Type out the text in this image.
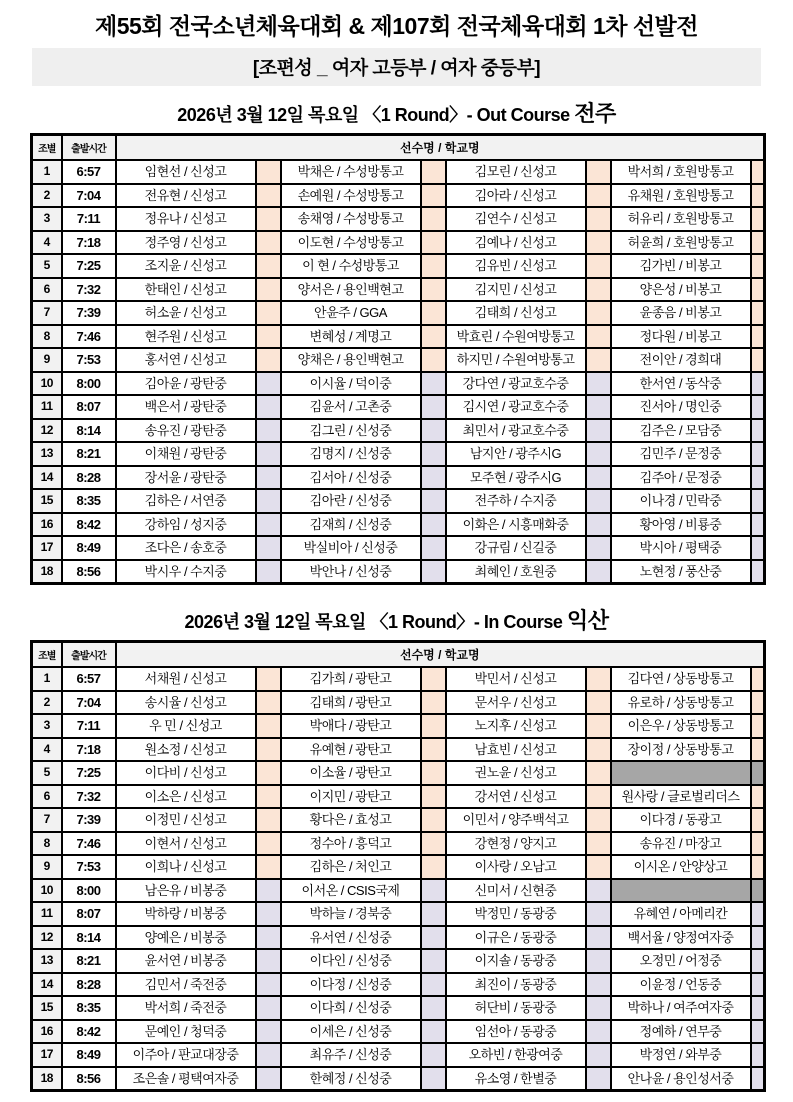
제55회 전국소년체육대회 & 제107회 전국체육대회 1차 선발전
[조편성 _ 여자 고등부 / 여자 중등부]
2026년 3월 12일 목요일 〈1 Round〉- Out Course 전주
조별	출발시간	선수명 / 학교명							
1	6:57	임현선 / 신성고		박채은 / 수성방통고		김모린 / 신성고		박서희 / 호원방통고	
2	7:04	전유현 / 신성고		손예원 / 수성방통고		김아라 / 신성고		유채원 / 호원방통고	
3	7:11	정유나 / 신성고		송채영 / 수성방통고		김연수 / 신성고		허유리 / 호원방통고	
4	7:18	정주영 / 신성고		이도현 / 수성방통고		김예나 / 신성고		허윤희 / 호원방통고	
5	7:25	조지윤 / 신성고		이 현 / 수성방통고		김유빈 / 신성고		김가빈 / 비봉고	
6	7:32	한태인 / 신성고		양서은 / 용인백현고		김지민 / 신성고		양은성 / 비봉고	
7	7:39	허소윤 / 신성고		안윤주 / GGA		김태희 / 신성고		윤종음 / 비봉고	
8	7:46	현주원 / 신성고		변혜성 / 계명고		박효린 / 수원여방통고		정다원 / 비봉고	
9	7:53	홍서연 / 신성고		양채은 / 용인백현고		하지민 / 수원여방통고		전이안 / 경희대	
10	8:00	김아윤 / 광탄중		이시율 / 덕이중		강다연 / 광교호수중		한서연 / 동삭중	
11	8:07	백은서 / 광탄중		김윤서 / 고촌중		김시연 / 광교호수중		진서아 / 명인중	
12	8:14	송유진 / 광탄중		김그린 / 신성중		최민서 / 광교호수중		김주은 / 모담중	
13	8:21	이채원 / 광탄중		김명지 / 신성중		남지안 / 광주시G		김민주 / 문정중	
14	8:28	장서윤 / 광탄중		김서아 / 신성중		모주현 / 광주시G		김주아 / 문정중	
15	8:35	김하은 / 서연중		김아란 / 신성중		전주하 / 수지중		이나경 / 민락중	
16	8:42	강하임 / 성지중		김재희 / 신성중		이화은 / 시흥매화중		황아영 / 비룡중	
17	8:49	조다은 / 송호중		박실비아 / 신성중		강규림 / 신길중		박시아 / 평택중	
18	8:56	박시우 / 수지중		박안나 / 신성중		최혜인 / 호원중		노현정 / 풍산중	
2026년 3월 12일 목요일 〈1 Round〉- In Course 익산
조별	출발시간	선수명 / 학교명							
1	6:57	서채원 / 신성고		김가희 / 광탄고		박민서 / 신성고		김다연 / 상동방통고	
2	7:04	송시율 / 신성고		김태희 / 광탄고		문서우 / 신성고		유로하 / 상동방통고	
3	7:11	우 민 / 신성고		박애다 / 광탄고		노지후 / 신성고		이은우 / 상동방통고	
4	7:18	원소정 / 신성고		유예현 / 광탄고		남효빈 / 신성고		장이정 / 상동방통고	
5	7:25	이다비 / 신성고		이소율 / 광탄고		권노윤 / 신성고			
6	7:32	이소은 / 신성고		이지민 / 광탄고		강서연 / 신성고		원사랑 / 글로벌리더스	
7	7:39	이정민 / 신성고		황다은 / 효성고		이민서 / 양주백석고		이다경 / 동광고	
8	7:46	이현서 / 신성고		정수아 / 흥덕고		강현정 / 양지고		송유진 / 마장고	
9	7:53	이희나 / 신성고		김하은 / 처인고		이사랑 / 오남고		이시온 / 안양상고	
10	8:00	남은유 / 비봉중		이서온 / CSIS국제		신미서 / 신현중			
11	8:07	박하랑 / 비봉중		박하늘 / 경북중		박정민 / 동광중		유혜연 / 아메리칸	
12	8:14	양예은 / 비봉중		유서연 / 신성중		이규은 / 동광중		백서율 / 양정여자중	
13	8:21	윤서연 / 비봉중		이다인 / 신성중		이지솔 / 동광중		오정민 / 어정중	
14	8:28	김민서 / 죽전중		이다정 / 신성중		최진이 / 동광중		이윤정 / 언동중	
15	8:35	박서희 / 죽전중		이다희 / 신성중		허단비 / 동광중		박하나 / 여주여자중	
16	8:42	문예인 / 청덕중		이세은 / 신성중		임선아 / 동광중		정예하 / 연무중	
17	8:49	이주아 / 판교대장중		최유주 / 신성중		오하빈 / 한광여중		박정연 / 와부중	
18	8:56	조은솔 / 평택여자중		한혜정 / 신성중		유소영 / 한별중		안나윤 / 용인성서중	
